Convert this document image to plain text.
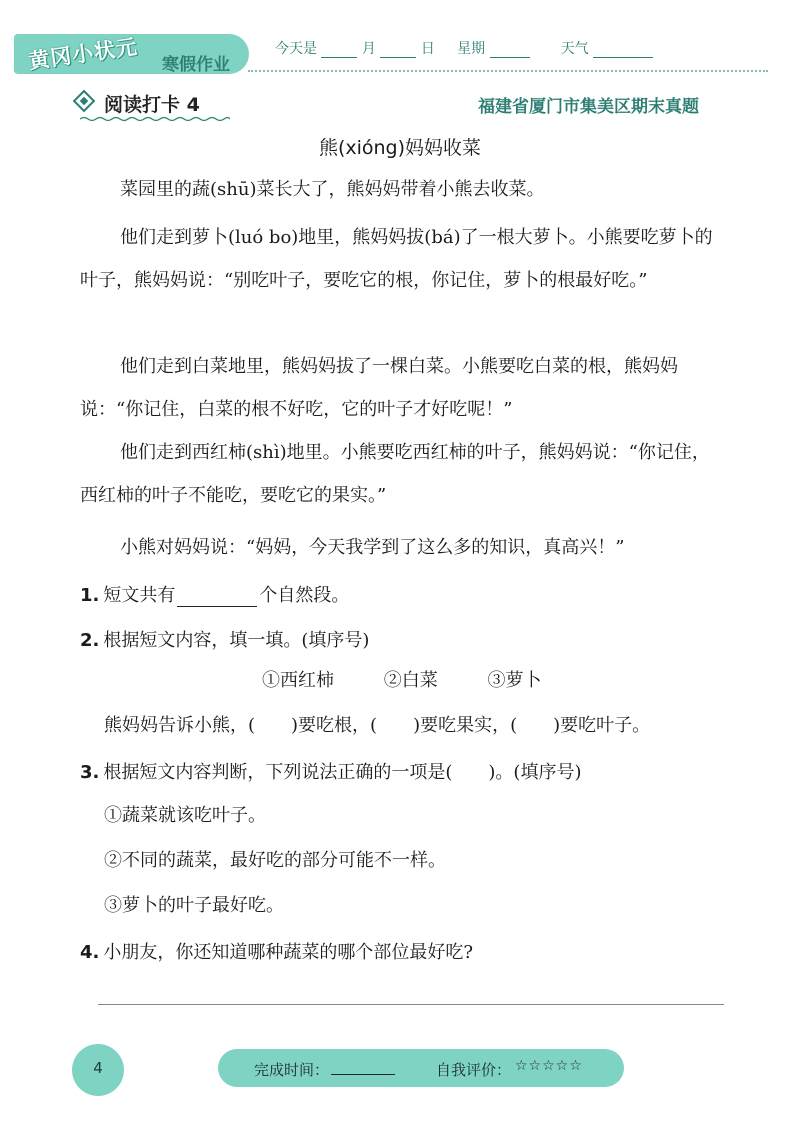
黄冈小状元 寒假作业
今天是	月	日 星期	天气
阅读打卡 4	福建省厦门市集美区期末真题
熊(xióng)妈妈收菜

菜园里的蔬(shū)菜长大了，熊妈妈带着小熊去收菜。

他们走到萝卜(luó bo)地里，熊妈妈拔(bá)了一根大萝卜。小熊要吃萝卜的叶子，熊妈妈说：“别吃叶子，要吃它的根，你记住，萝卜的根最好吃。”

他们走到白菜地里，熊妈妈拔了一棵白菜。小熊要吃白菜的根，熊妈妈说：“你记住，白菜的根不好吃，它的叶子才好吃呢！”

他们走到西红柿(shì)地里。小熊要吃西红柿的叶子，熊妈妈说：“你记住，西红柿的叶子不能吃，要吃它的果实。”

小熊对妈妈说：“妈妈，今天我学到了这么多的知识，真高兴！”

1. 短文共有	个自然段。
2. 根据短文内容，填一填。(填序号)
①西红柿	②白菜	③萝卜
熊妈妈告诉小熊，(　　)要吃根，(　　)要吃果实，(　　)要吃叶子。
3. 根据短文内容判断，下列说法正确的一项是(　　)。(填序号)
①蔬菜就该吃叶子。
②不同的蔬菜，最好吃的部分可能不一样。
③萝卜的叶子最好吃。
4. 小朋友，你还知道哪种蔬菜的哪个部位最好吃?
4	完成时间：	自我评价： ☆☆☆☆☆
